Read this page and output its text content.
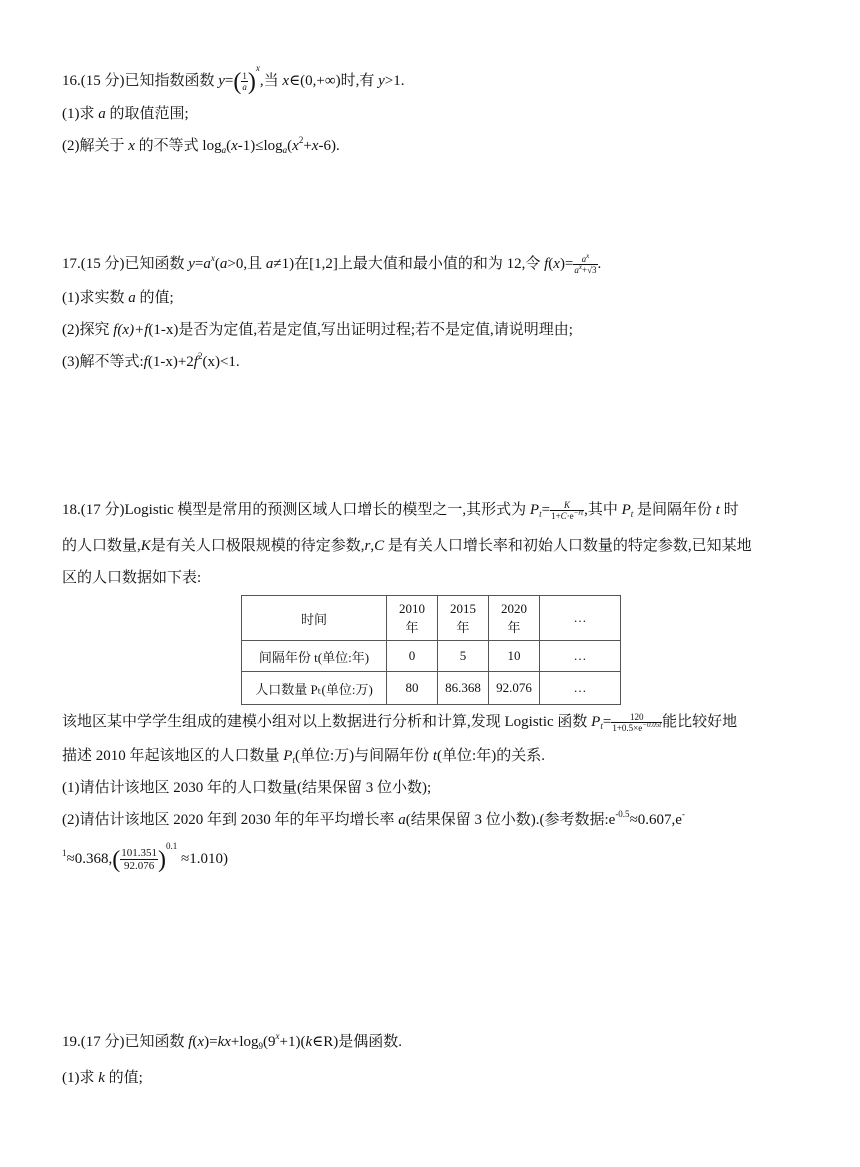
16.(15 分)已知指数函数 $y=( \frac{1}{a} )^x$,当 x∈(0,+∞)时,有 y>1.
(1)求 a 的取值范围;
(2)解关于 x 的不等式 $\log_a(x-1)\le\log_a(x^2+x-6)$.
17.(15 分)已知函数 $y=a^x(a>0$,且 a≠1)在[1,2]上最大值和最小值的和为 12,令 $f(x)= \frac{a^x}{a^x+√3}$ .
(1)求实数 a 的值;
(2)探究 f(x)+f(1-x)是否为定值,若是定值,写出证明过程;若不是定值,请说明理由;
(3)解不等式$:f(1-x)+2f^2(x)<1$.
18.(17 分)Logistic 模型是常用的预测区域人口增长的模型之一,其形式为 $P_t= \frac{K}{1+C\cdot e^{-rt}}$ ,其中 $P_t$ 是间隔年份 t 时
的人口数量,K是有关人口极限规模的待定参数,r,C 是有关人口增长率和初始人口数量的特定参数,已知某地
区的人口数据如下表:
时间	2010 年	2015 年	2020 年	…
间隔年份 t(单位:年)	0	5	10	…
人口数量 Pₜ(单位:万)	80	86.368	92.076	…
该地区某中学学生组成的建模小组对以上数据进行分析和计算,发现 Logistic 函数 $P_t= \frac{120}{1+0.5\times e^{-0.05t}}$ 能比较好地
描述 2010 年起该地区的人口数量 $P_t$(单位:万)与间隔年份 t(单位:年)的关系.
(1)请估计该地区 2030 年的人口数量(结果保留 3 位小数);
(2)请估计该地区 2020 年到 2030 年的年平均增长率 a(结果保留 3 位小数).(参考数据$:e^{-0.5}\approx 0.607,e^-$
$^1\approx 0.368,( \frac{101.351}{92.076} )^{0.1} \approx 1.010$)
19.(17 分)已知函数 $f(x)=kx+\log_9(9^x+1)(k\in R)$是偶函数.
(1)求 k 的值;
